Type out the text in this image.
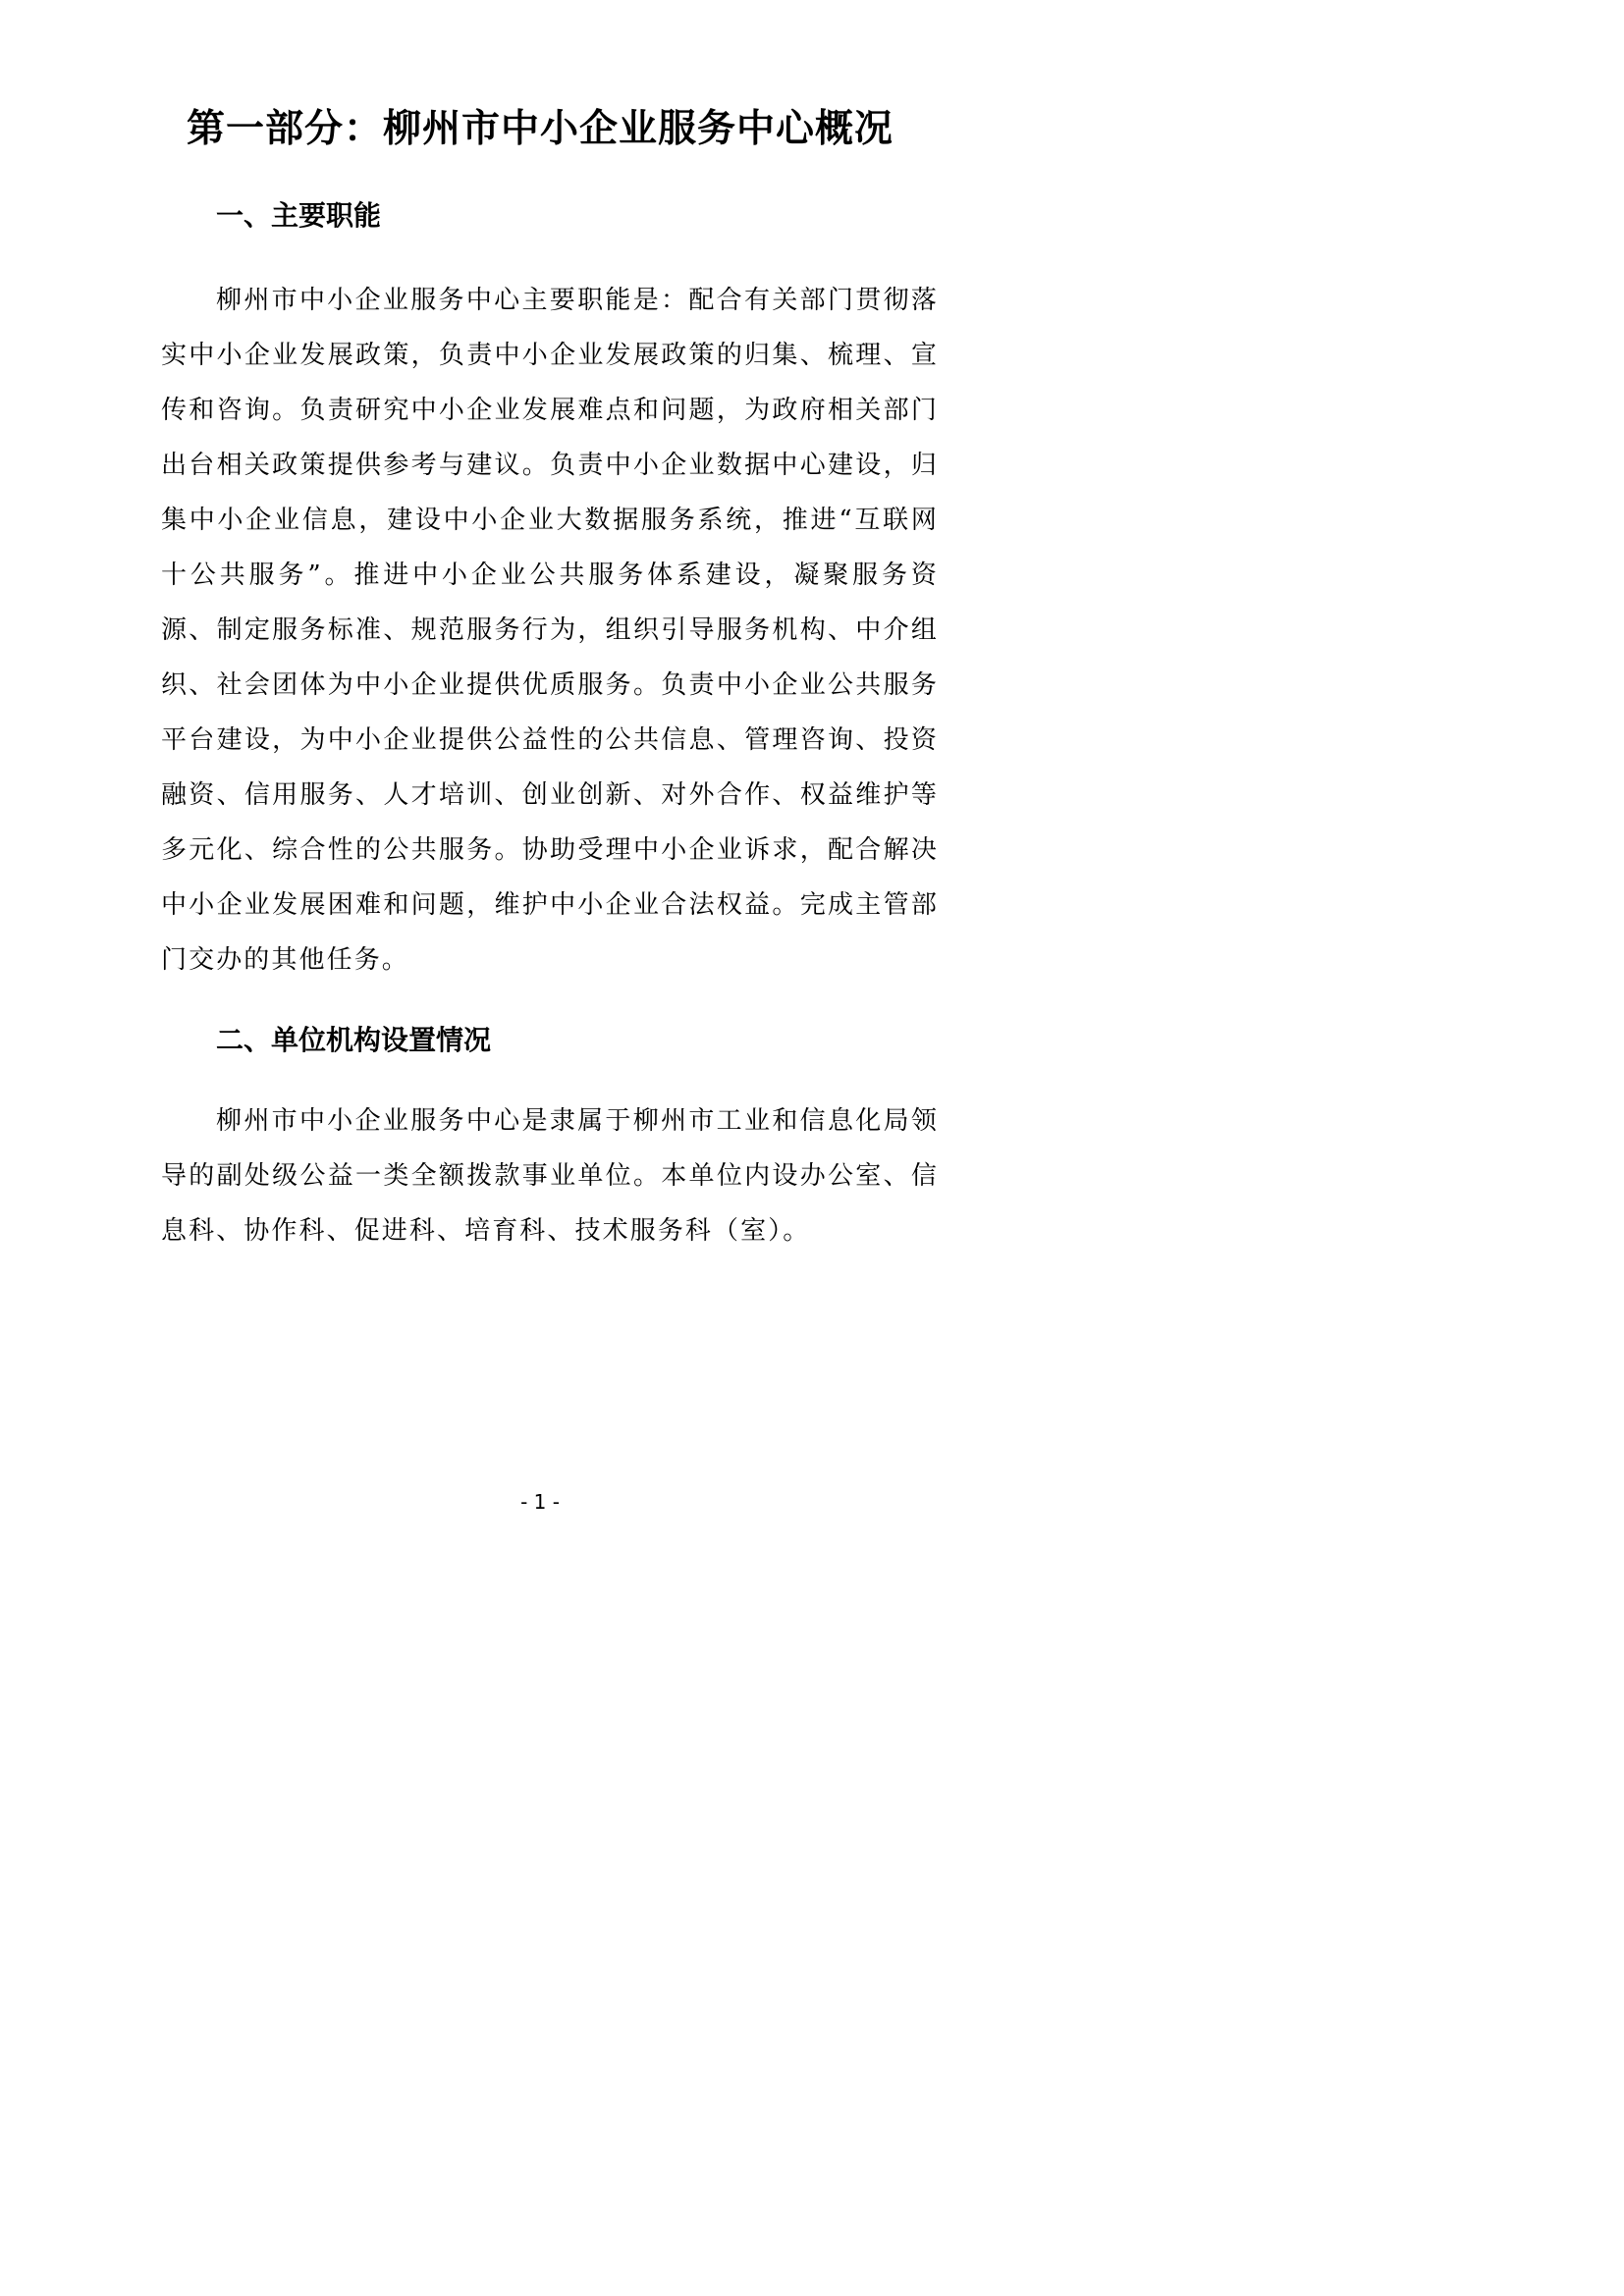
第一部分：柳州市中小企业服务中心概况
一、主要职能

柳州市中小企业服务中心主要职能是：配合有关部门贯彻落实中小企业发展政策，负责中小企业发展政策的归集、梳理、宣传和咨询。负责研究中小企业发展难点和问题，为政府相关部门出台相关政策提供参考与建议。负责中小企业数据中心建设，归集中小企业信息，建设中小企业大数据服务系统，推进“互联网十公共服务”。推进中小企业公共服务体系建设，凝聚服务资源、制定服务标准、规范服务行为，组织引导服务机构、中介组织、社会团体为中小企业提供优质服务。负责中小企业公共服务平台建设，为中小企业提供公益性的公共信息、管理咨询、投资融资、信用服务、人才培训、创业创新、对外合作、权益维护等多元化、综合性的公共服务。协助受理中小企业诉求，配合解决中小企业发展困难和问题，维护中小企业合法权益。完成主管部门交办的其他任务。

二、单位机构设置情况

柳州市中小企业服务中心是隶属于柳州市工业和信息化局领导的副处级公益一类全额拨款事业单位。本单位内设办公室、信息科、协作科、促进科、培育科、技术服务科（室）。

- 1 -
